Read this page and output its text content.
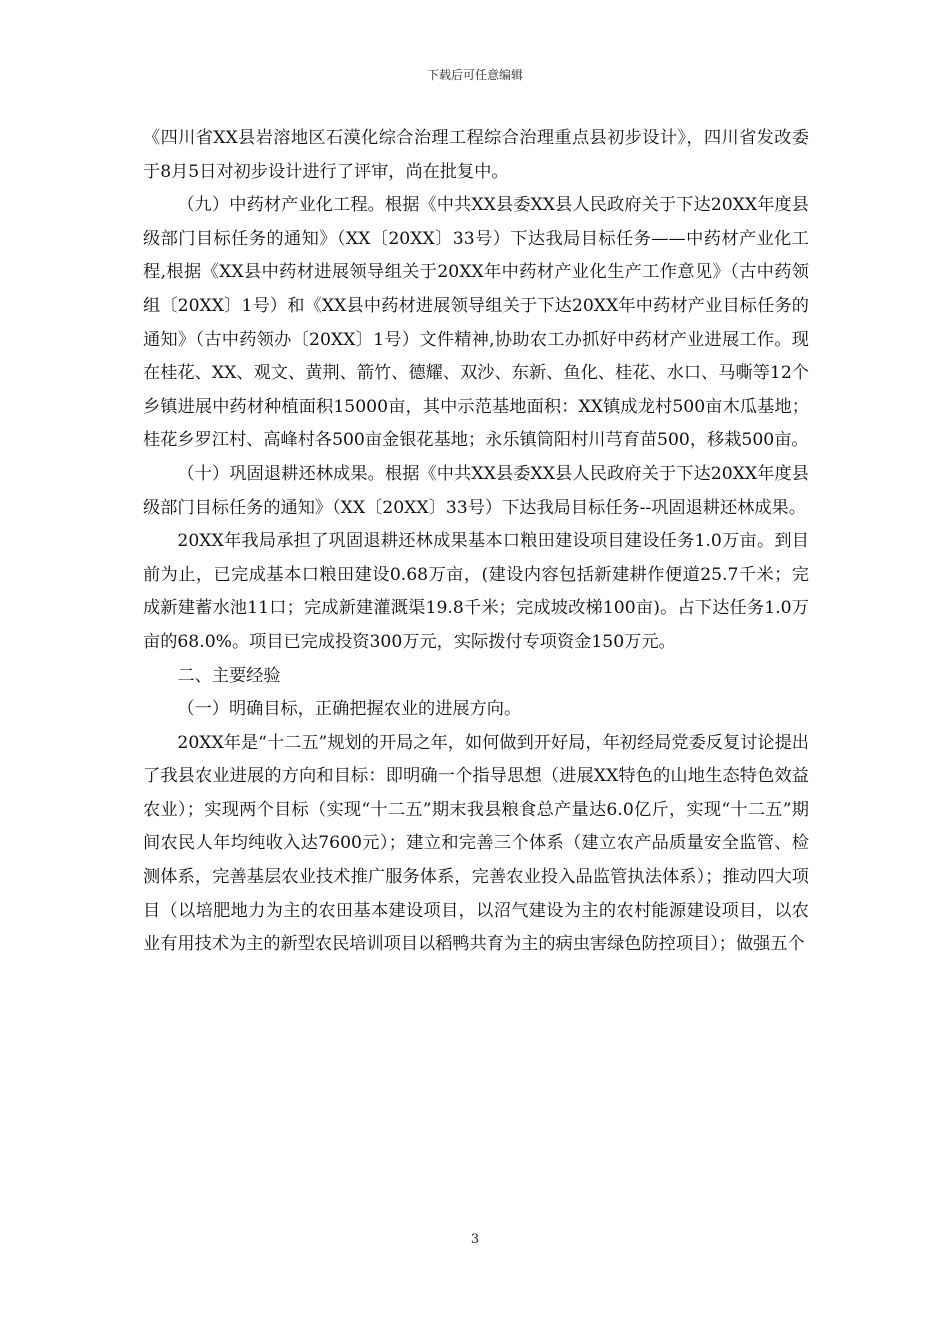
下载后可任意编辑

《四川省XX县岩溶地区石漠化综合治理工程综合治理重点县初步设计》，四川省发改委于8月5日对初步设计进行了评审，尚在批复中。

（九）中药材产业化工程。根据《中共XX县委XX县人民政府关于下达20XX年度县级部门目标任务的通知》（XX〔20XX〕33号）下达我局目标任务——中药材产业化工程,根据《XX县中药材进展领导组关于20XX年中药材产业化生产工作意见》（古中药领组〔20XX〕1号）和《XX县中药材进展领导组关于下达20XX年中药材产业目标任务的通知》（古中药领办〔20XX〕1号）文件精神,协助农工办抓好中药材产业进展工作。现在桂花、XX、观文、黄荆、箭竹、德耀、双沙、东新、鱼化、桂花、水口、马嘶等12个乡镇进展中药材种植面积15000亩，其中示范基地面积：XX镇成龙村500亩木瓜基地；桂花乡罗江村、高峰村各500亩金银花基地；永乐镇筒阳村川芎育苗500，移栽500亩。

（十）巩固退耕还林成果。根据《中共XX县委XX县人民政府关于下达20XX年度县级部门目标任务的通知》（XX〔20XX〕33号）下达我局目标任务--巩固退耕还林成果。

20XX年我局承担了巩固退耕还林成果基本口粮田建设项目建设任务1.0万亩。到目前为止，已完成基本口粮田建设0.68万亩，(建设内容包括新建耕作便道25.7千米；完成新建蓄水池11口；完成新建灌溉渠19.8千米；完成坡改梯100亩)。占下达任务1.0万亩的68.0%。项目已完成投资300万元，实际拨付专项资金150万元。

二、主要经验

（一）明确目标，正确把握农业的进展方向。

20XX年是“十二五”规划的开局之年，如何做到开好局，年初经局党委反复讨论提出了我县农业进展的方向和目标：即明确一个指导思想（进展XX特色的山地生态特色效益农业）；实现两个目标（实现“十二五”期末我县粮食总产量达6.0亿斤，实现“十二五”期间农民人年均纯收入达7600元）；建立和完善三个体系（建立农产品质量安全监管、检测体系，完善基层农业技术推广服务体系，完善农业投入品监管执法体系）；推动四大项目（以培肥地力为主的农田基本建设项目，以沼气建设为主的农村能源建设项目，以农业有用技术为主的新型农民培训项目以稻鸭共育为主的病虫害绿色防控项目）；做强五个

3
